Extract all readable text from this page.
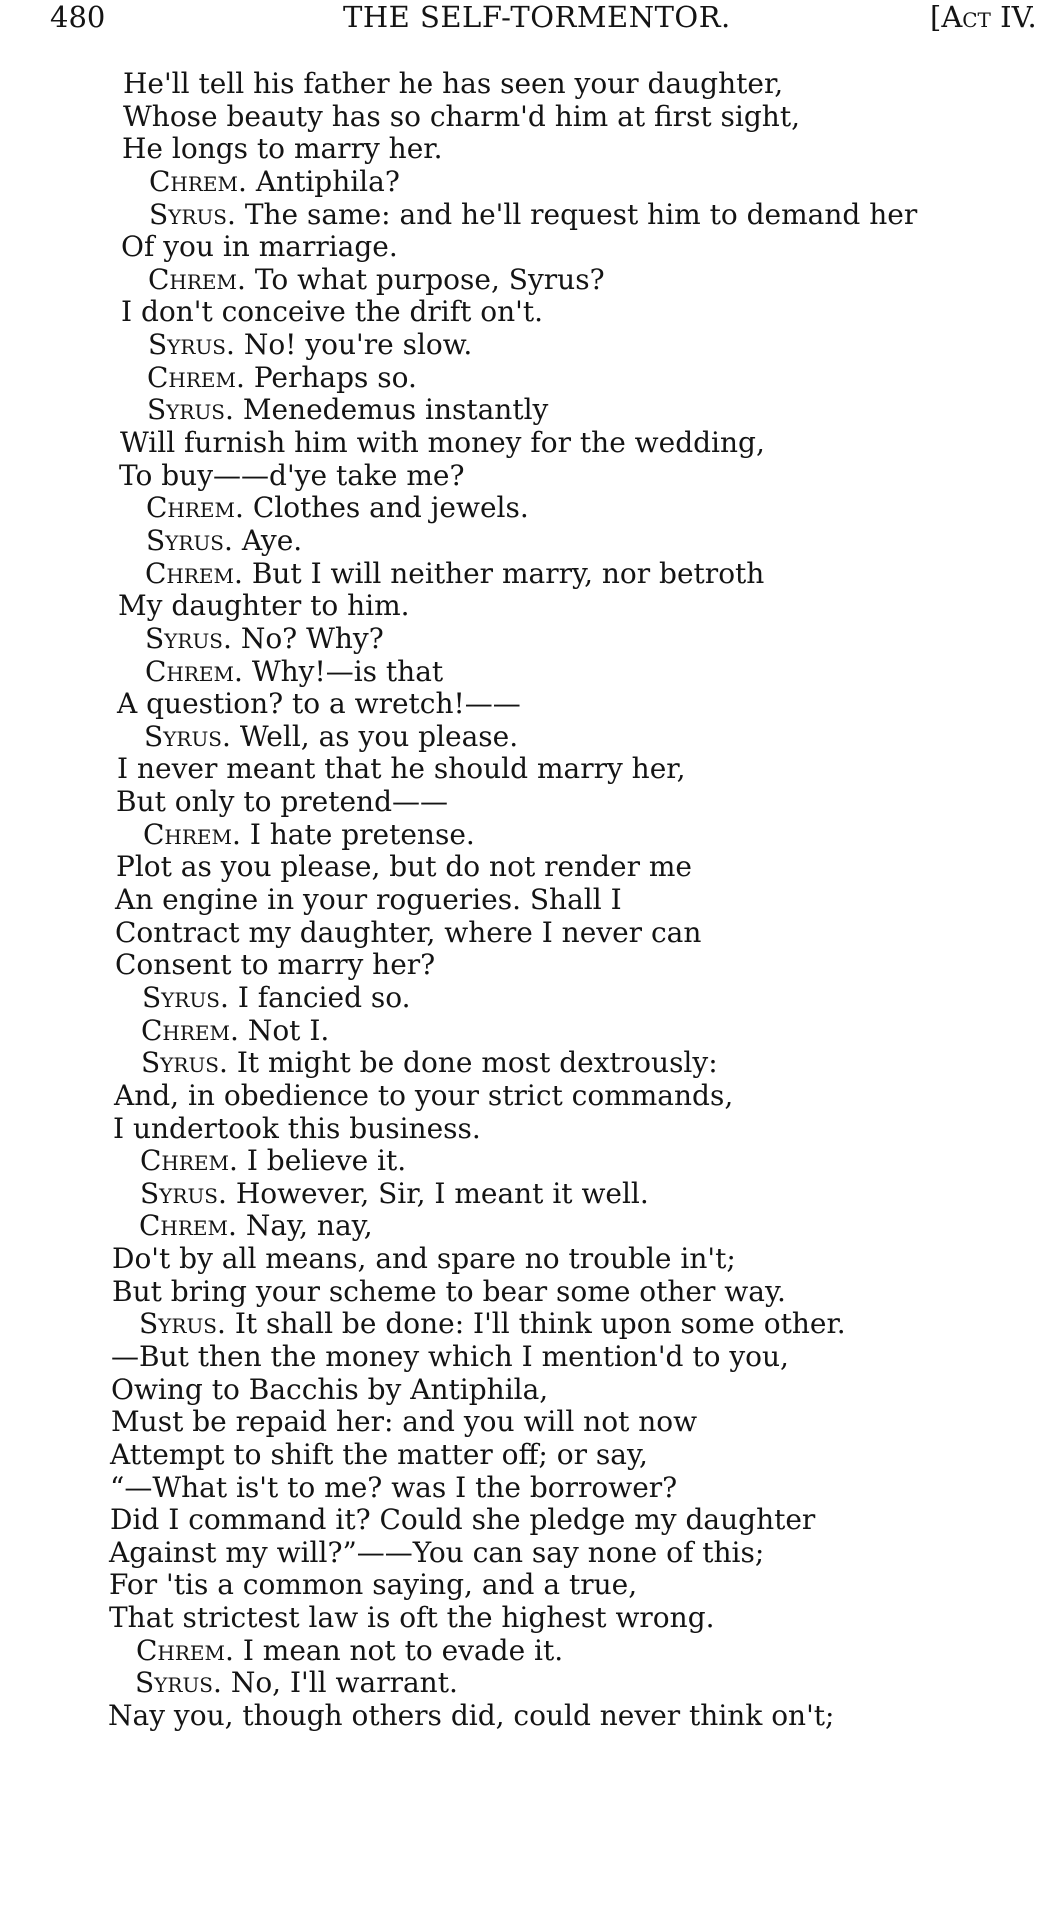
480	THE SELF-TORMENTOR.	[Act IV.
He'll tell his father he has seen your daughter,
Whose beauty has so charm'd him at first sight,
He longs to marry her.
Chrem. Antiphila?
Syrus. The same: and he'll request him to demand her
Of you in marriage.
Chrem. To what purpose, Syrus?
I don't conceive the drift on't.
Syrus. No! you're slow.
Chrem. Perhaps so.
Syrus. Menedemus instantly
Will furnish him with money for the wedding,
To buy——d'ye take me?
Chrem. Clothes and jewels.
Syrus. Aye.
Chrem. But I will neither marry, nor betroth
My daughter to him.
Syrus. No? Why?
Chrem. Why!—is that
A question? to a wretch!——
Syrus. Well, as you please.
I never meant that he should marry her,
But only to pretend——
Chrem. I hate pretense.
Plot as you please, but do not render me
An engine in your rogueries. Shall I
Contract my daughter, where I never can
Consent to marry her?
Syrus. I fancied so.
Chrem. Not I.
Syrus. It might be done most dextrously:
And, in obedience to your strict commands,
I undertook this business.
Chrem. I believe it.
Syrus. However, Sir, I meant it well.
Chrem. Nay, nay,
Do't by all means, and spare no trouble in't;
But bring your scheme to bear some other way.
Syrus. It shall be done: I'll think upon some other.
—But then the money which I mention'd to you,
Owing to Bacchis by Antiphila,
Must be repaid her: and you will not now
Attempt to shift the matter off; or say,
“—What is't to me? was I the borrower?
Did I command it? Could she pledge my daughter
Against my will?”——You can say none of this;
For 'tis a common saying, and a true,
That strictest law is oft the highest wrong.
Chrem. I mean not to evade it.
Syrus. No, I'll warrant.
Nay you, though others did, could never think on't;
